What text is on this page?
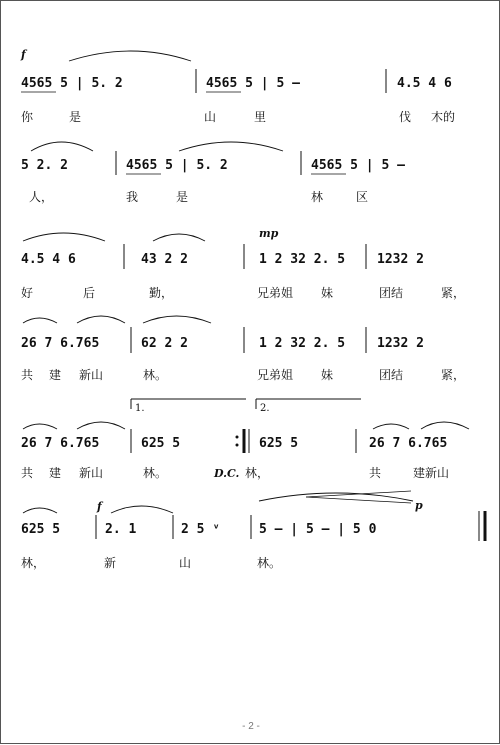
f
4565 5 | 5. 2	4565 5 | 5 –	4.5 4 6
你	是	山	里	伐 木的
5 2. 2	4565 5 | 5. 2	4565 5 | 5 –
人，	我	是	林	区
mp
4.5 4 6	43 2 2	1 2 32 2. 5 1232 2
好	后	勤，	兄弟姐 妹	团结	紧，
26 7 6.765	62 2 2	1 2 32 2. 5 1232 2
共 建 新山	林。	兄弟姐 妹	团结	紧，
1.	2.
26 7 6.765	625 5	625 5	26 7 6.765
共 建 新山	林。	D.C. 林，	共	建新山
f	p
625 5	2. 1	2 5 ᵛ	5 – | 5 – | 5 0
林，	新	山	林。
- 2 -
